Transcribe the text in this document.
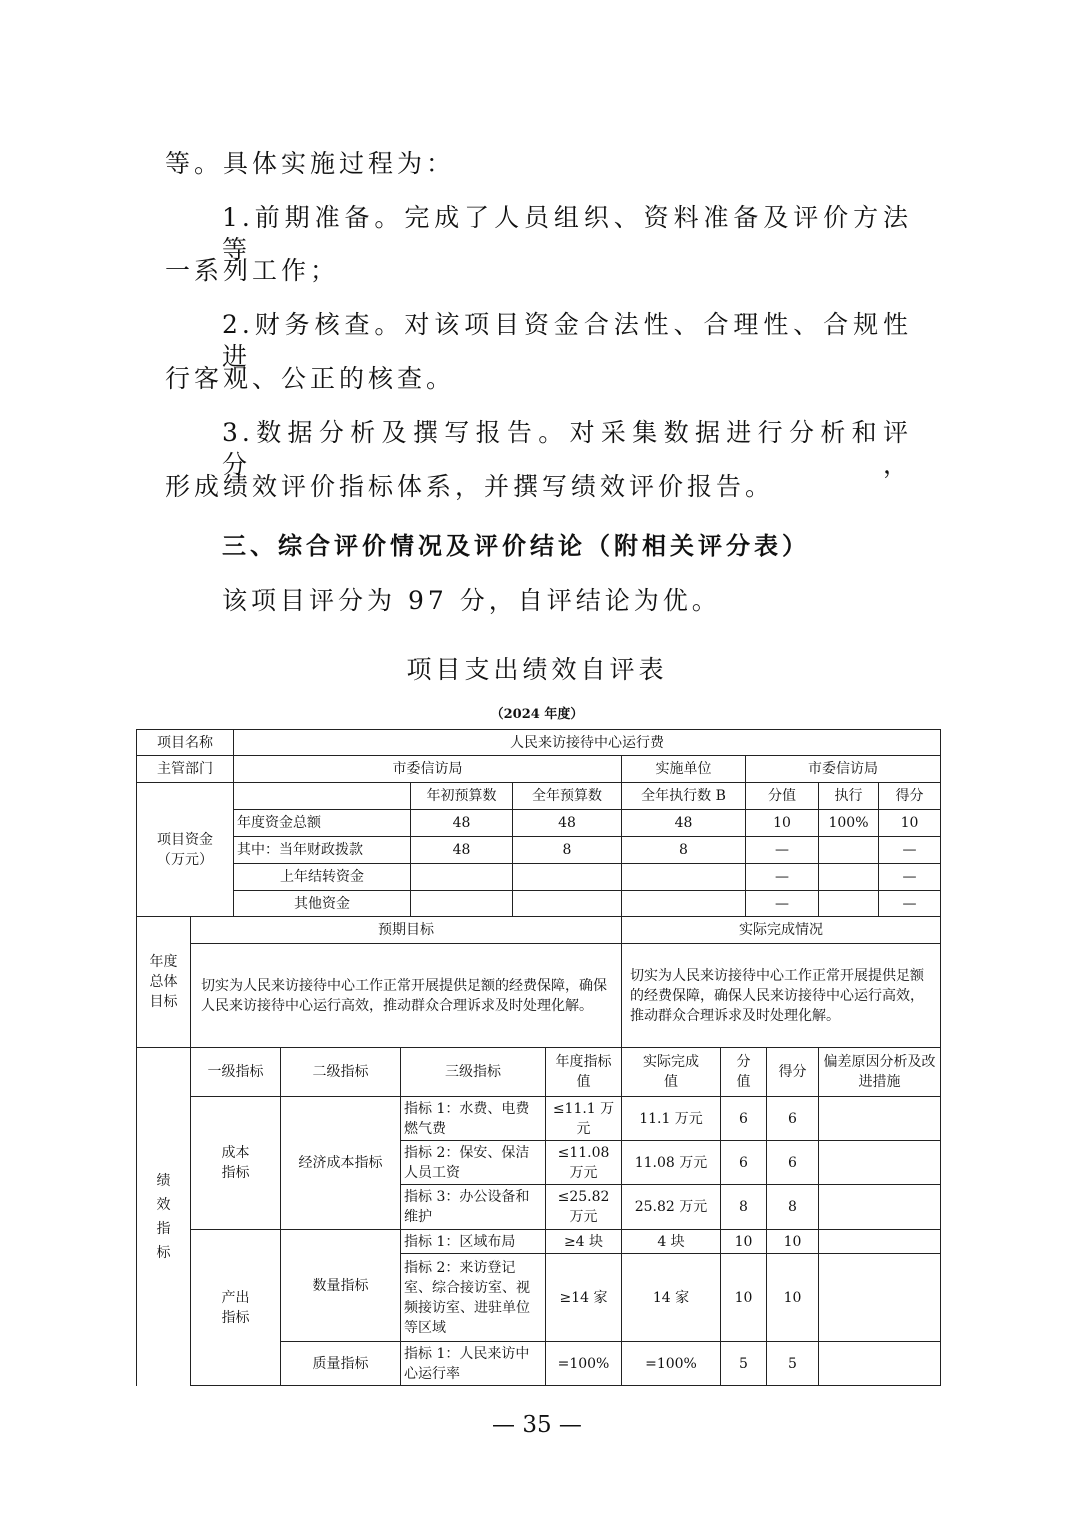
等。具体实施过程为：
1.前期准备。完成了人员组织、资料准备及评价方法等
一系列工作；
2.财务核查。对该项目资金合法性、合理性、合规性进
行客观、公正的核查。
3.数据分析及撰写报告。对采集数据进行分析和评分，
形成绩效评价指标体系，并撰写绩效评价报告。
三、综合评价情况及评价结论（附相关评分表）
该项目评分为 97 分，自评结论为优。
项目支出绩效自评表
（2024 年度）
项目名称	人民来访接待中心运行费						
主管部门	市委信访局			实施单位	市委信访局		

项目资金
（万元）		年初预算数	全年预算数	全年执行数 B	分值	执行	得分
	年度资金总额	48	48	48	10	100%	10
	其中：当年财政拨款	48	8	8	—		—
	上年结转资金				—		—
	其他资金				—		—
年度
总体
目标	预期目标	实际完成情况
	切实为人民来访接待中心工作正常开展提供足额的经费保障，确保人民来访接待中心运行高效，推动群众合理诉求及时处理化解。	切实为人民来访接待中心工作正常开展提供足额的经费保障，确保人民来访接待中心运行高效，推动群众合理诉求及时处理化解。
绩效指标	一级指标	二级指标	三级指标	年度指标值	实际完成值	分值	得分	偏差原因分析及改进措施

	成本指标	经济成本指标	指标 1：水费、电费燃气费	≤11.1 万元	11.1 万元	6	6	
			指标 2：保安、保洁人员工资	≤11.08 万元	11.08 万元	6	6	
			指标 3：办公设备和维护	≤25.82 万元	25.82 万元	8	8	

	产出指标	数量指标	指标 1：区域布局	≥4 块	4 块	10	10	
			指标 2：来访登记室、综合接访室、视频接访室、进驻单位等区域	≥14 家	14 家	10	10	
		质量指标	指标 1：人民来访中心运行率	=100%	=100%	5	5	
— 35 —
